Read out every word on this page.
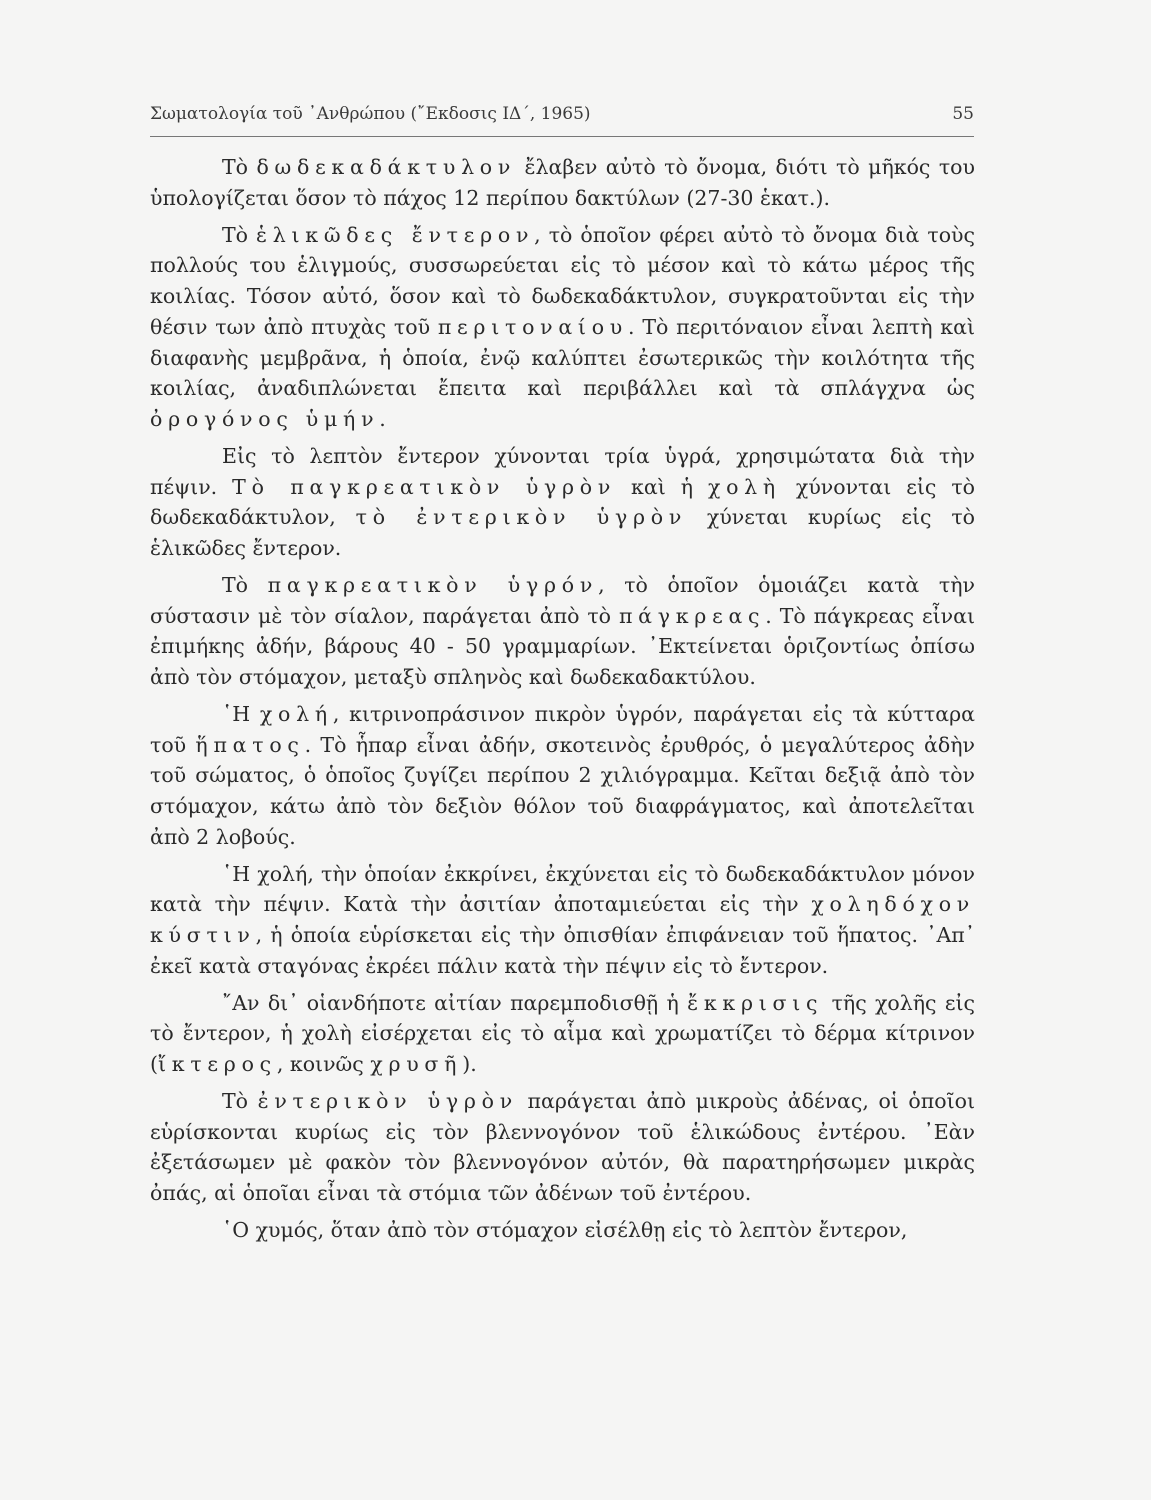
Σωματολογία τοῦ ᾿Ανθρώπου (῎Εκδοσις ΙΔ΄, 1965)	55

Τὸ δωδεκαδάκτυλον ἔλαβεν αὐτὸ τὸ ὄνομα, διότι τὸ μῆκός του ὑπολογίζεται ὅσον τὸ πάχος 12 περίπου δακτύλων (27-30 ἑκατ.).

Τὸ ἑλικῶδες ἔντερον, τὸ ὁποῖον φέρει αὐτὸ τὸ ὄνομα διὰ τοὺς πολλούς του ἑλιγμούς, συσσωρεύεται εἰς τὸ μέσον καὶ τὸ κάτω μέρος τῆς κοιλίας. Τόσον αὐτό, ὅσον καὶ τὸ δωδεκαδάκτυλον, συγκρατοῦνται εἰς τὴν θέσιν των ἀπὸ πτυχὰς τοῦ περιτοναίου. Τὸ περιτόναιον εἶναι λεπτὴ καὶ διαφανὴς μεμβρᾶνα, ἡ ὁποία, ἐνῷ καλύπτει ἐσωτερικῶς τὴν κοιλότητα τῆς κοιλίας, ἀναδιπλώνεται ἔπειτα καὶ περιβάλλει καὶ τὰ σπλάγχνα ὡς ὀρογόνος ὑμήν.

Εἰς τὸ λεπτὸν ἔντερον χύνονται τρία ὑγρά, χρησιμώτατα διὰ τὴν πέψιν. Τὸ παγκρεατικὸν ὑγρὸν καὶ ἡ χολὴ χύνονται εἰς τὸ δωδεκαδάκτυλον, τὸ ἐντερικὸν ὑγρὸν χύνεται κυρίως εἰς τὸ ἑλικῶδες ἔντερον.

Τὸ παγκρεατικὸν ὑγρόν, τὸ ὁποῖον ὁμοιάζει κατὰ τὴν σύστασιν μὲ τὸν σίαλον, παράγεται ἀπὸ τὸ πάγκρεας. Τὸ πάγκρεας εἶναι ἐπιμήκης ἀδήν, βάρους 40 - 50 γραμμαρίων. ᾿Εκτείνεται ὁριζοντίως ὀπίσω ἀπὸ τὸν στόμαχον, μεταξὺ σπληνὸς καὶ δωδεκαδακτύλου.

῾Η χολή, κιτρινοπράσινον πικρὸν ὑγρόν, παράγεται εἰς τὰ κύτταρα τοῦ ἥπατος. Τὸ ἧπαρ εἶναι ἀδήν, σκοτεινὸς ἐρυθρός, ὁ μεγαλύτερος ἀδὴν τοῦ σώματος, ὁ ὁποῖος ζυγίζει περίπου 2 χιλιόγραμμα. Κεῖται δεξιᾷ ἀπὸ τὸν στόμαχον, κάτω ἀπὸ τὸν δεξιὸν θόλον τοῦ διαφράγματος, καὶ ἀποτελεῖται ἀπὸ 2 λοβούς.

῾Η χολή, τὴν ὁποίαν ἐκκρίνει, ἐκχύνεται εἰς τὸ δωδεκαδάκτυλον μόνον κατὰ τὴν πέψιν. Κατὰ τὴν ἀσιτίαν ἀποταμιεύεται εἰς τὴν χοληδόχον κύστιν, ἡ ὁποία εὑρίσκεται εἰς τὴν ὀπισθίαν ἐπιφάνειαν τοῦ ἥπατος. ᾿Απ᾿ ἐκεῖ κατὰ σταγόνας ἐκρέει πάλιν κατὰ τὴν πέψιν εἰς τὸ ἔντερον.

῎Αν δι᾿ οἱανδήποτε αἰτίαν παρεμποδισθῇ ἡ ἔκκρισις τῆς χολῆς εἰς τὸ ἔντερον, ἡ χολὴ εἰσέρχεται εἰς τὸ αἷμα καὶ χρωματίζει τὸ δέρμα κίτρινον (ἴκτερος, κοινῶς χρυσῆ).

Τὸ ἐντερικὸν ὑγρὸν παράγεται ἀπὸ μικροὺς ἀδένας, οἱ ὁποῖοι εὑρίσκονται κυρίως εἰς τὸν βλεννογόνον τοῦ ἑλικώδους ἐντέρου. ᾿Εὰν ἐξετάσωμεν μὲ φακὸν τὸν βλεννογόνον αὐτόν, θὰ παρατηρήσωμεν μικρὰς ὀπάς, αἱ ὁποῖαι εἶναι τὰ στόμια τῶν ἀδένων τοῦ ἐντέρου.

῾Ο χυμός, ὅταν ἀπὸ τὸν στόμαχον εἰσέλθῃ εἰς τὸ λεπτὸν ἔντερον,
